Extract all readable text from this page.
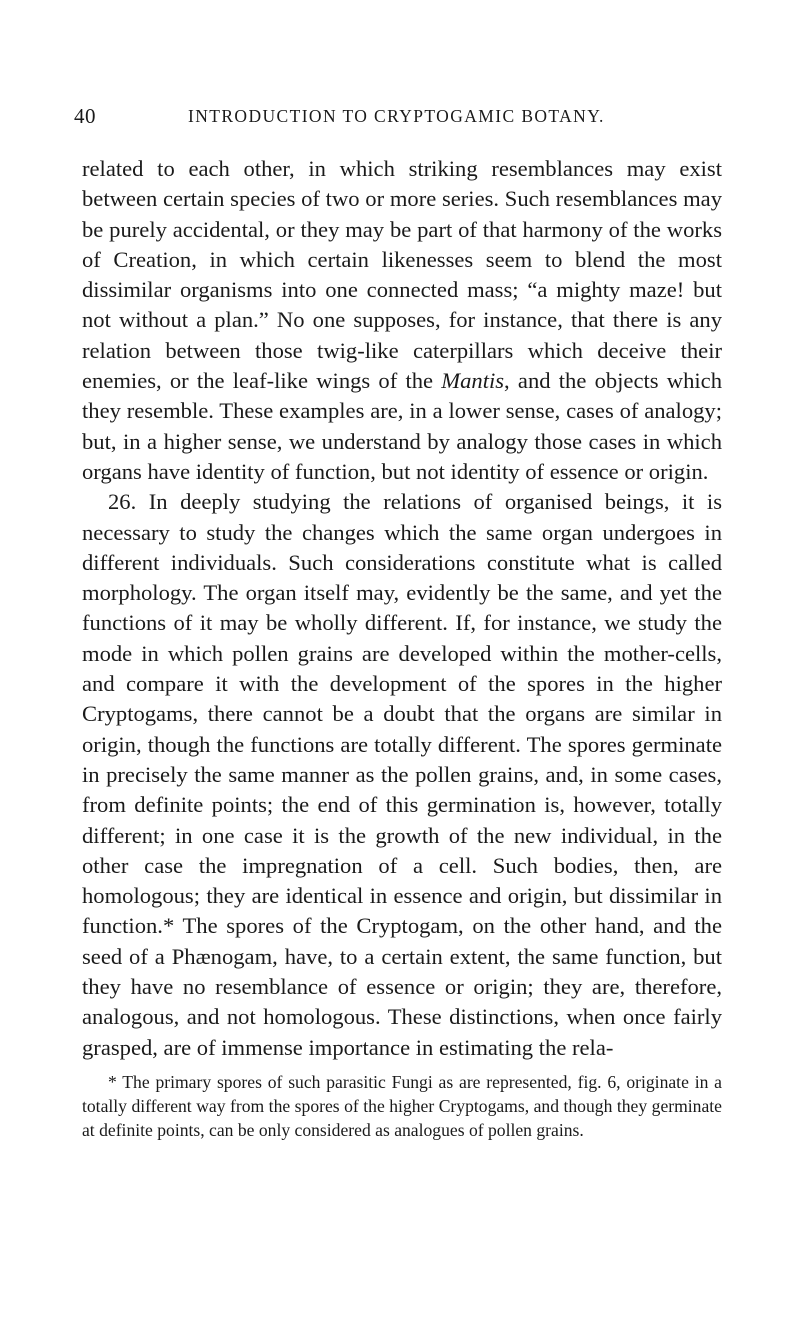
40	INTRODUCTION TO CRYPTOGAMIC BOTANY.

related to each other, in which striking resemblances may exist between certain species of two or more series. Such resemblances may be purely accidental, or they may be part of that harmony of the works of Creation, in which certain likenesses seem to blend the most dissimilar organisms into one connected mass; “a mighty maze! but not without a plan.” No one supposes, for instance, that there is any relation between those twig-like caterpillars which deceive their enemies, or the leaf-like wings of the Mantis, and the objects which they resemble. These examples are, in a lower sense, cases of analogy; but, in a higher sense, we understand by analogy those cases in which organs have identity of function, but not identity of essence or origin.

26. In deeply studying the relations of organised beings, it is necessary to study the changes which the same organ undergoes in different individuals. Such considerations constitute what is called morphology. The organ itself may, evidently be the same, and yet the functions of it may be wholly different. If, for instance, we study the mode in which pollen grains are developed within the mother-cells, and compare it with the development of the spores in the higher Cryptogams, there cannot be a doubt that the organs are similar in origin, though the functions are totally different. The spores germinate in precisely the same manner as the pollen grains, and, in some cases, from definite points; the end of this germination is, however, totally different; in one case it is the growth of the new individual, in the other case the impregnation of a cell. Such bodies, then, are homologous; they are identical in essence and origin, but dissimilar in function.* The spores of the Cryptogam, on the other hand, and the seed of a Phænogam, have, to a certain extent, the same function, but they have no resemblance of essence or origin; they are, therefore, analogous, and not homologous. These distinctions, when once fairly grasped, are of immense importance in estimating the rela-

* The primary spores of such parasitic Fungi as are represented, fig. 6, originate in a totally different way from the spores of the higher Cryptogams, and though they germinate at definite points, can be only considered as analogues of pollen grains.
